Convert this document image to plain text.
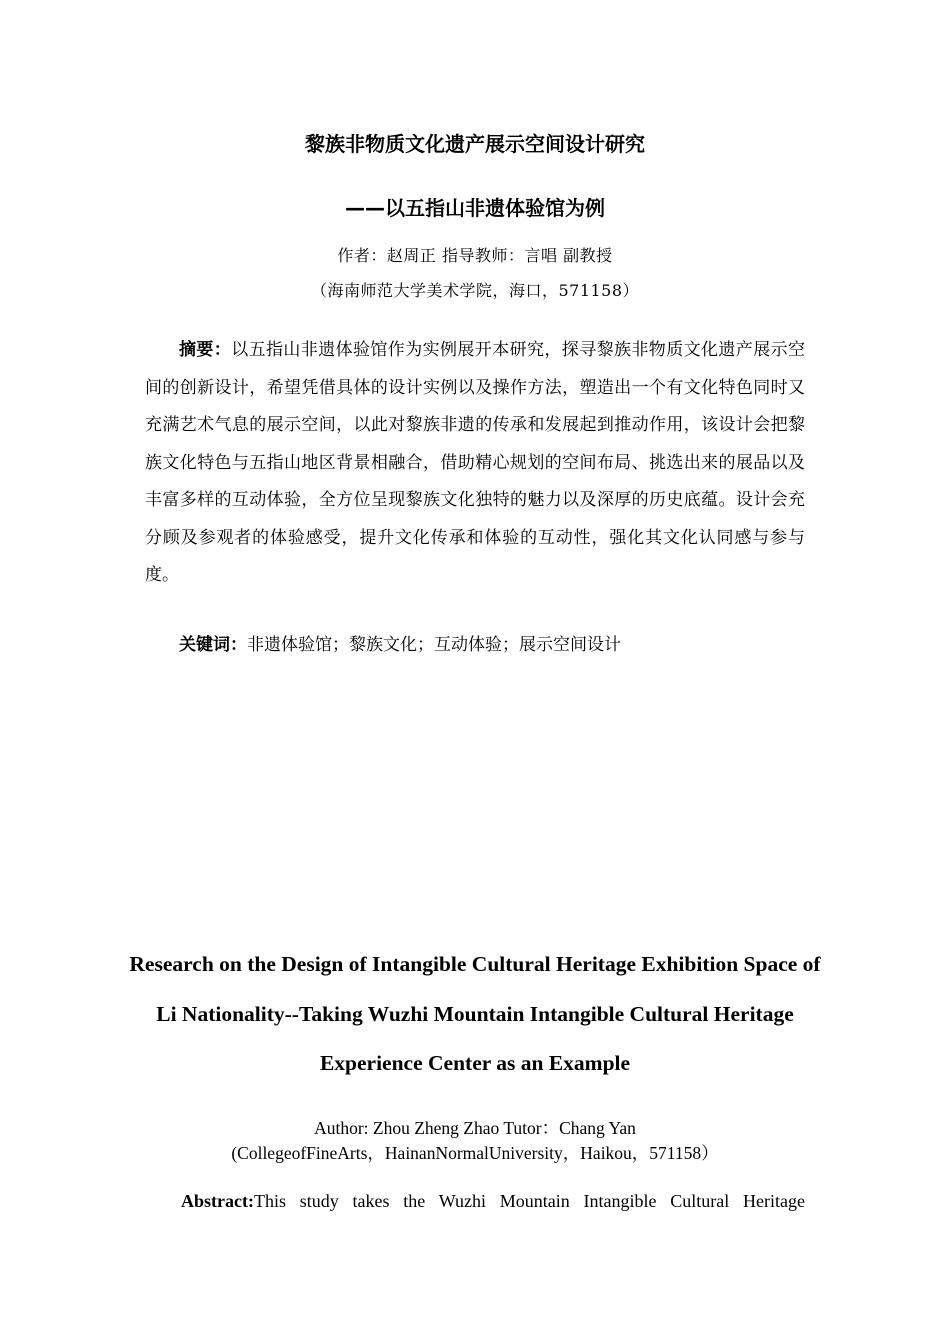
黎族非物质文化遗产展示空间设计研究
——以五指山非遗体验馆为例
作者：赵周正 指导教师：言唱 副教授
（海南师范大学美术学院，海口，571158）
摘要：以五指山非遗体验馆作为实例展开本研究，探寻黎族非物质文化遗产展示空间的创新设计，希望凭借具体的设计实例以及操作方法，塑造出一个有文化特色同时又充满艺术气息的展示空间，以此对黎族非遗的传承和发展起到推动作用，该设计会把黎族文化特色与五指山地区背景相融合，借助精心规划的空间布局、挑选出来的展品以及丰富多样的互动体验，全方位呈现黎族文化独特的魅力以及深厚的历史底蕴。设计会充分顾及参观者的体验感受，提升文化传承和体验的互动性，强化其文化认同感与参与度。
关键词：非遗体验馆；黎族文化；互动体验；展示空间设计
Research on the Design of Intangible Cultural Heritage Exhibition Space of Li Nationality--Taking Wuzhi Mountain Intangible Cultural Heritage Experience Center as an Example
Author: Zhou Zheng Zhao Tutor：Chang Yan
(CollegeofFineArts，HainanNormalUniversity，Haikou，571158）
Abstract:This study takes the Wuzhi Mountain Intangible Cultural Heritage
